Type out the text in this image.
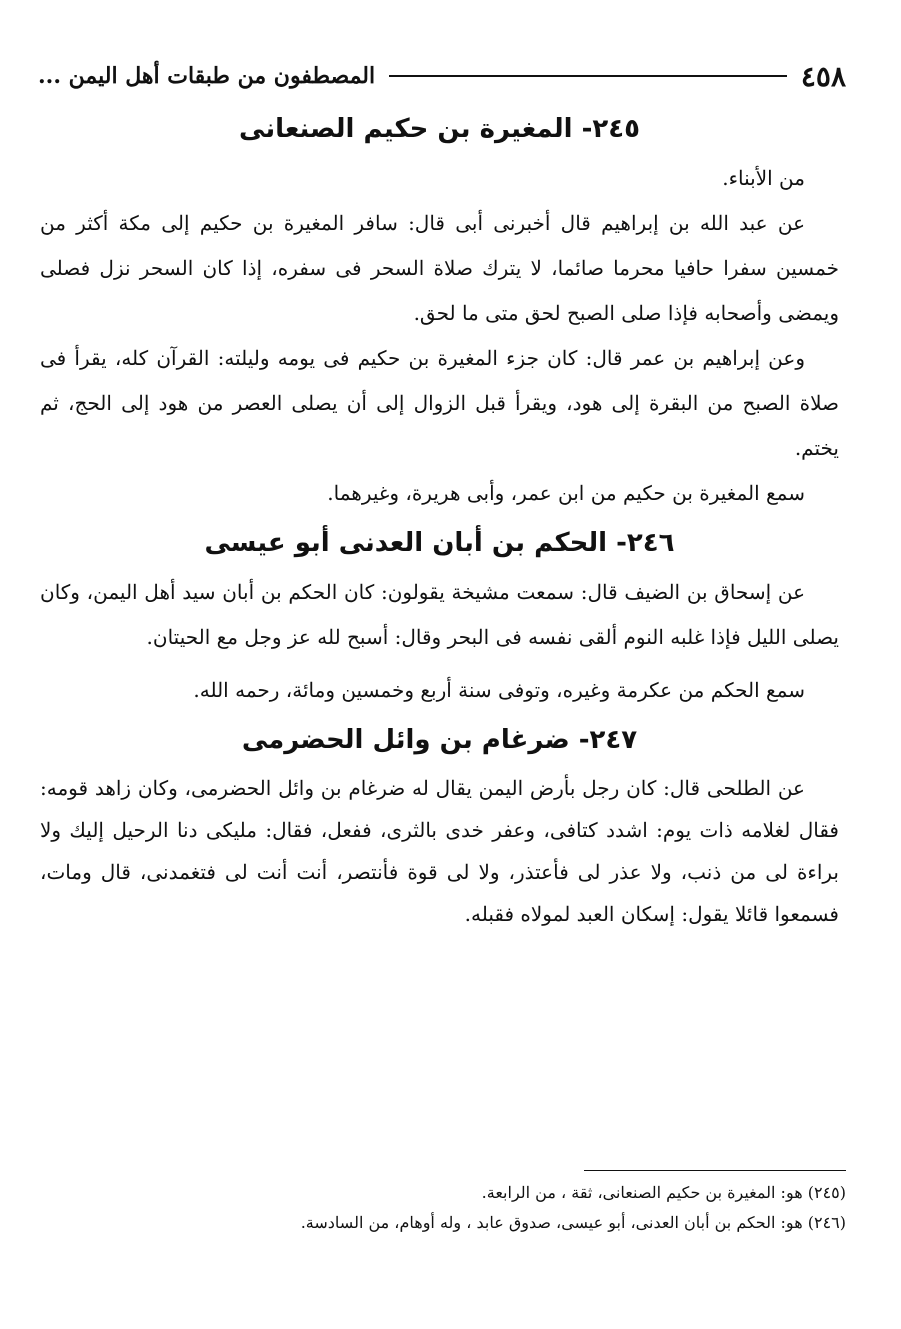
٤٥٨
المصطفون من طبقات أهل اليمن ...
٢٤٥- المغيرة بن حكيم الصنعانى

من الأبناء.

عن عبد الله بن إبراهيم قال أخبرنى أبى قال: سافر المغيرة بن حكيم إلى مكة أكثر من خمسين سفرا حافيا محرما صائما، لا يترك صلاة السحر فى سفره، إذا كان السحر نزل فصلى ويمضى وأصحابه فإذا صلى الصبح لحق متى ما لحق.

وعن إبراهيم بن عمر قال: كان جزء المغيرة بن حكيم فى يومه وليلته: القرآن كله، يقرأ فى صلاة الصبح من البقرة إلى هود، ويقرأ قبل الزوال إلى أن يصلى العصر من هود إلى الحج، ثم يختم.

سمع المغيرة بن حكيم من ابن عمر، وأبى هريرة، وغيرهما.

٢٤٦- الحكم بن أبان العدنى أبو عيسى

عن إسحاق بن الضيف قال: سمعت مشيخة يقولون: كان الحكم بن أبان سيد أهل اليمن، وكان يصلى الليل فإذا غلبه النوم ألقى نفسه فى البحر وقال: أسبح لله عز وجل مع الحيتان.

سمع الحكم من عكرمة وغيره، وتوفى سنة أربع وخمسين ومائة، رحمه الله.

٢٤٧- ضرغام بن وائل الحضرمى

عن الطلحى قال: كان رجل بأرض اليمن يقال له ضرغام بن وائل الحضرمى، وكان زاهد قومه: فقال لغلامه ذات يوم: اشدد كتافى، وعفر خدى بالثرى، ففعل، فقال: مليكى دنا الرحيل إليك ولا براءة لى من ذنب، ولا عذر لى فأعتذر، ولا لى قوة فأنتصر، أنت أنت لى فتغمدنى، قال ومات، فسمعوا قائلا يقول: إسكان العبد لمولاه فقبله.

(٢٤٥) هو: المغيرة بن حكيم الصنعانى، ثقة ، من الرابعة.
(٢٤٦) هو: الحكم بن أبان العدنى، أبو عيسى، صدوق عابد ، وله أوهام، من السادسة.
